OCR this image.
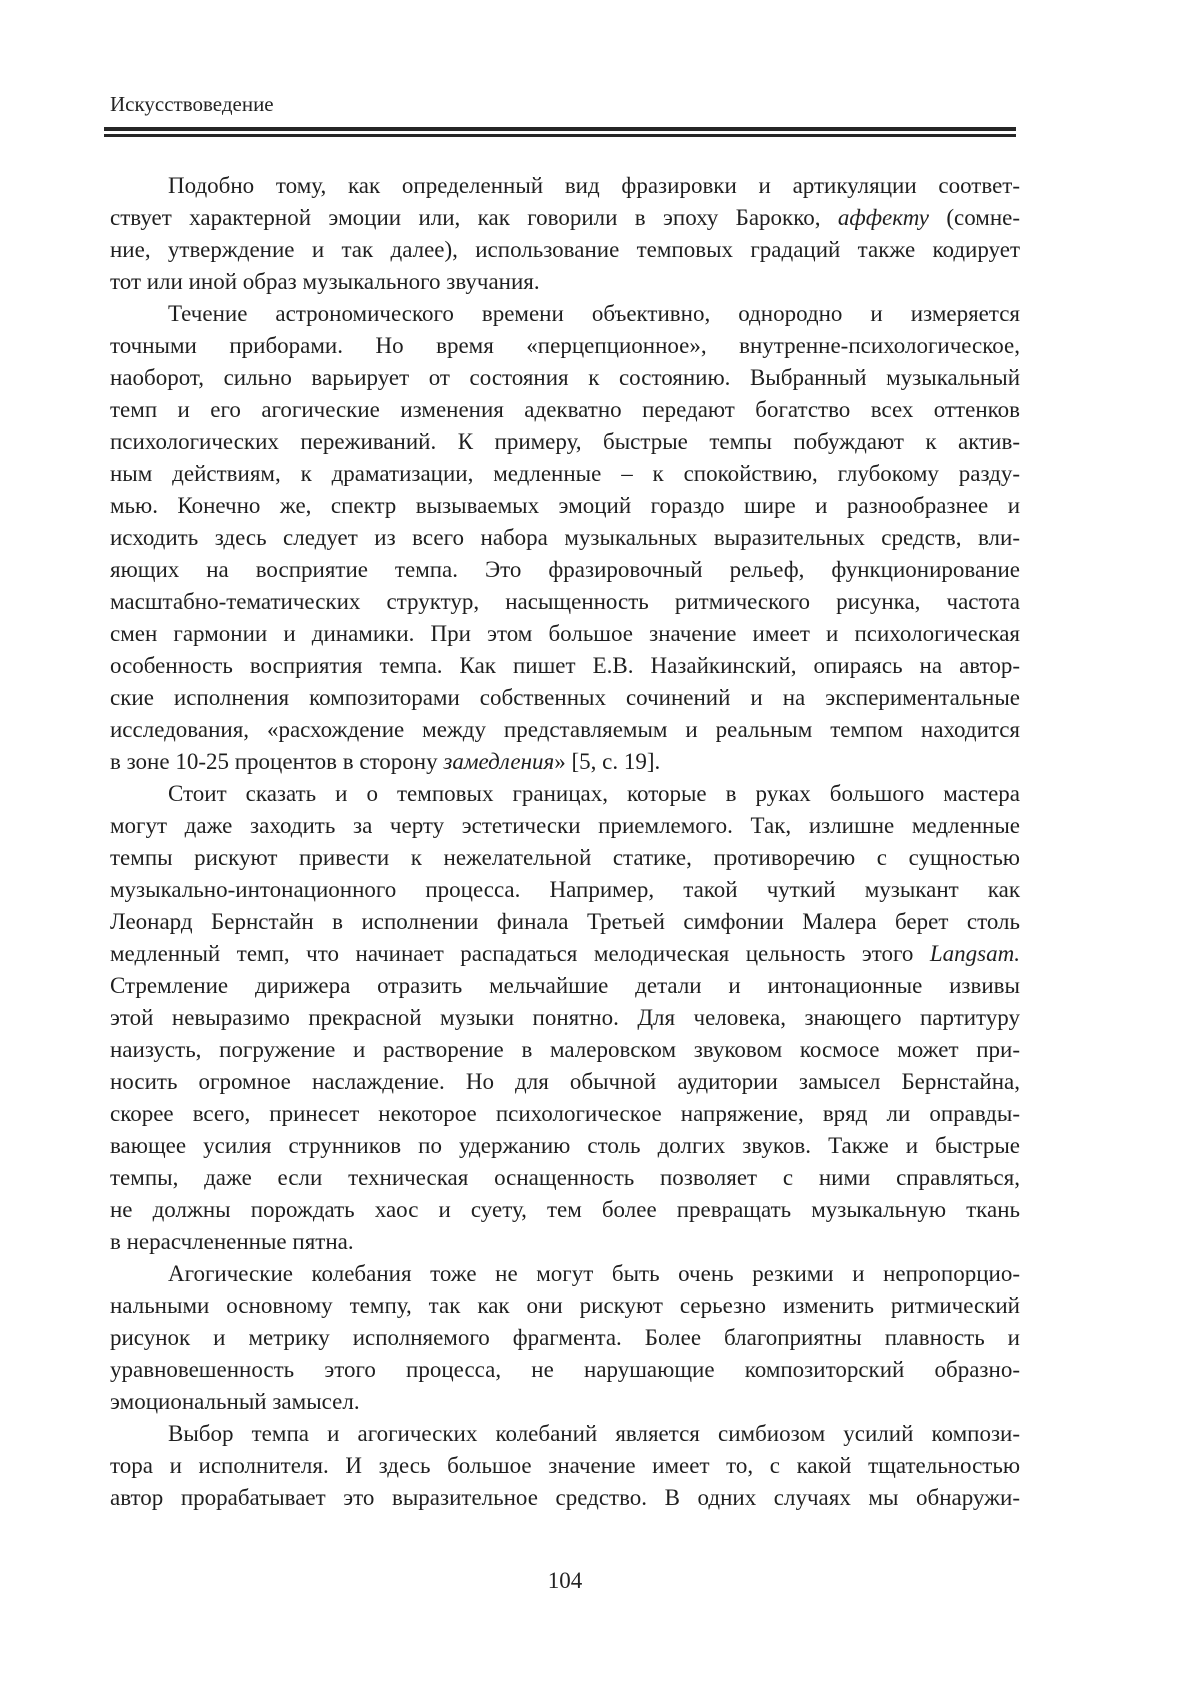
Искусствоведение
Подобно тому, как определенный вид фразировки и артикуляции соответ-
ствует характерной эмоции или, как говорили в эпоху Барокко, аффекту (сомне-
ние, утверждение и так далее), использование темповых градаций также кодирует
тот или иной образ музыкального звучания.
Течение астрономического времени объективно, однородно и измеряется
точными приборами. Но время «перцепционное», внутренне-психологическое,
наоборот, сильно варьирует от состояния к состоянию. Выбранный музыкальный
темп и его агогические изменения адекватно передают богатство всех оттенков
психологических переживаний. К примеру, быстрые темпы побуждают к актив-
ным действиям, к драматизации, медленные – к спокойствию, глубокому разду-
мью. Конечно же, спектр вызываемых эмоций гораздо шире и разнообразнее и
исходить здесь следует из всего набора музыкальных выразительных средств, вли-
яющих на восприятие темпа. Это фразировочный рельеф, функционирование
масштабно-тематических структур, насыщенность ритмического рисунка, частота
смен гармонии и динамики. При этом большое значение имеет и психологическая
особенность восприятия темпа. Как пишет Е.В. Назайкинский, опираясь на автор-
ские исполнения композиторами собственных сочинений и на экспериментальные
исследования, «расхождение между представляемым и реальным темпом находится
в зоне 10-25 процентов в сторону замедления» [5, с. 19].
Стоит сказать и о темповых границах, которые в руках большого мастера
могут даже заходить за черту эстетически приемлемого. Так, излишне медленные
темпы рискуют привести к нежелательной статике, противоречию с сущностью
музыкально-интонационного процесса. Например, такой чуткий музыкант как
Леонард Бернстайн в исполнении финала Третьей симфонии Малера берет столь
медленный темп, что начинает распадаться мелодическая цельность этого Langsam.
Стремление дирижера отразить мельчайшие детали и интонационные извивы
этой невыразимо прекрасной музыки понятно. Для человека, знающего партитуру
наизусть, погружение и растворение в малеровском звуковом космосе может при-
носить огромное наслаждение. Но для обычной аудитории замысел Бернстайна,
скорее всего, принесет некоторое психологическое напряжение, вряд ли оправды-
вающее усилия струнников по удержанию столь долгих звуков. Также и быстрые
темпы, даже если техническая оснащенность позволяет с ними справляться,
не должны порождать хаос и суету, тем более превращать музыкальную ткань
в нерасчлененные пятна.
Агогические колебания тоже не могут быть очень резкими и непропорцио-
нальными основному темпу, так как они рискуют серьезно изменить ритмический
рисунок и метрику исполняемого фрагмента. Более благоприятны плавность и
уравновешенность этого процесса, не нарушающие композиторский образно-
эмоциональный замысел.
Выбор темпа и агогических колебаний является симбиозом усилий компози-
тора и исполнителя. И здесь большое значение имеет то, с какой тщательностью
автор прорабатывает это выразительное средство. В одних случаях мы обнаружи-
104
